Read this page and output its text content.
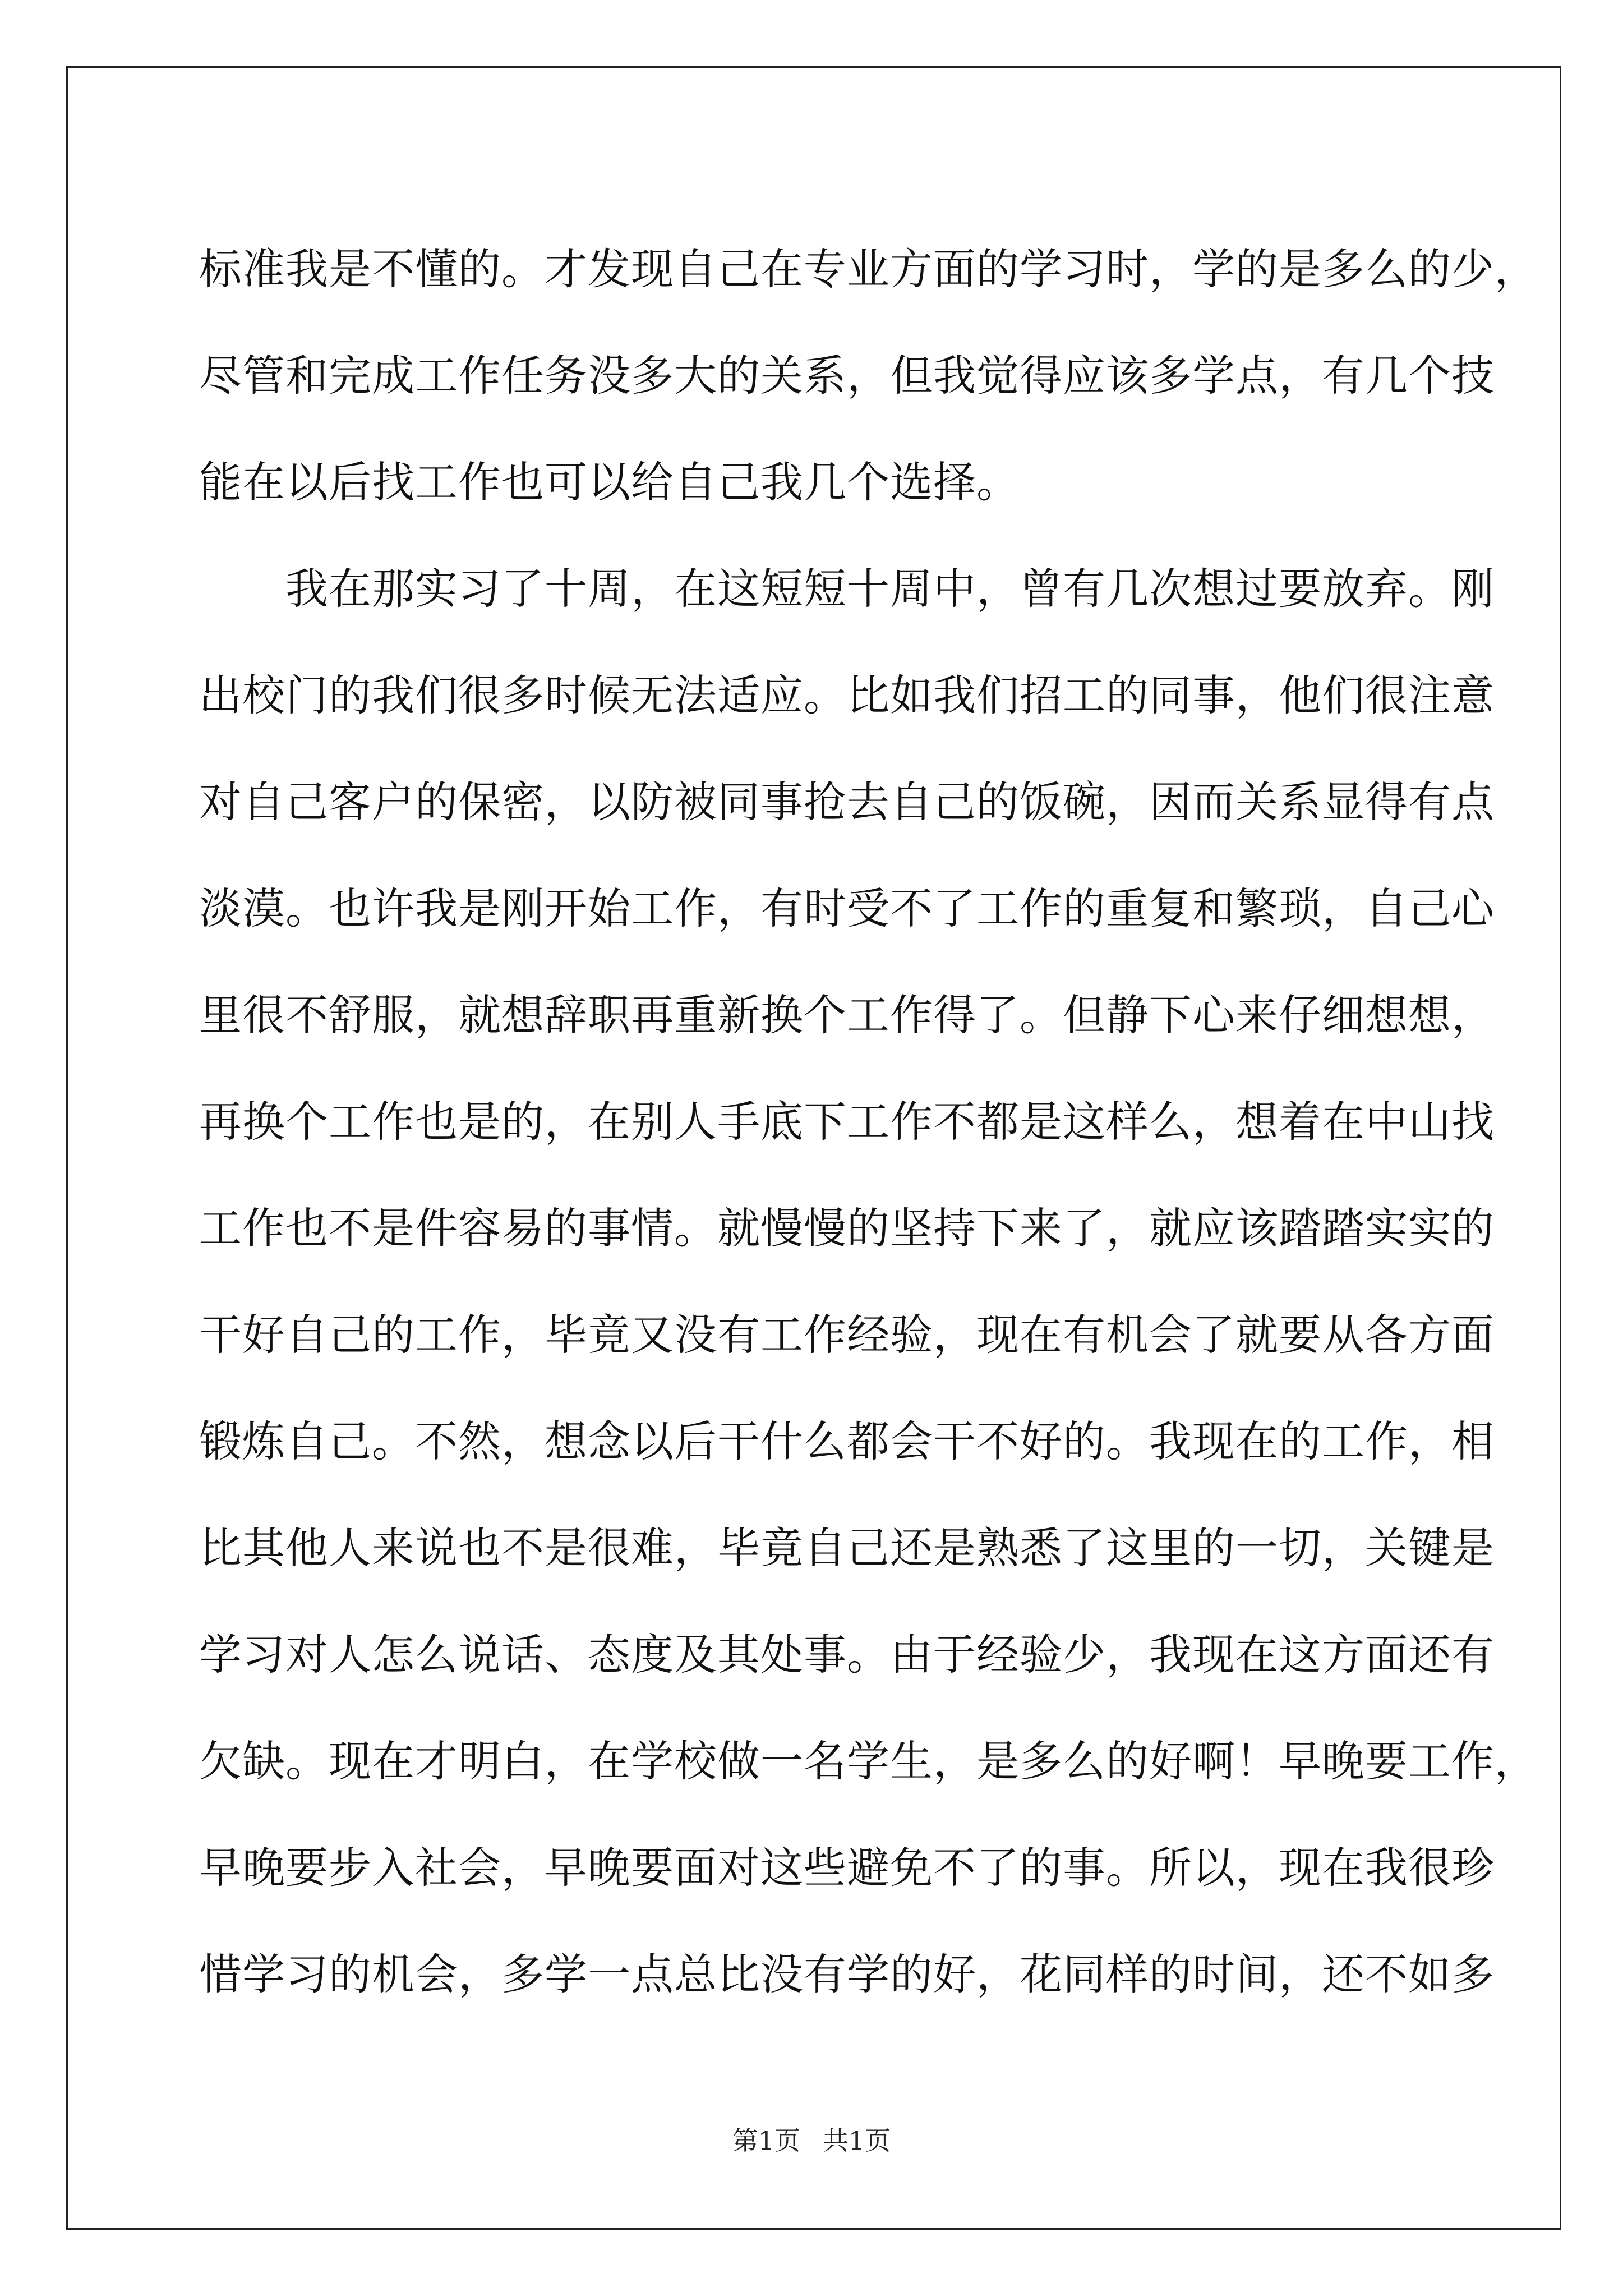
标准我是不懂的。才发现自己在专业方面的学习时，学的是多么的少，
尽管和完成工作任务没多大的关系，但我觉得应该多学点，有几个技
能在以后找工作也可以给自己我几个选择。
　　我在那实习了十周，在这短短十周中，曾有几次想过要放弃。刚
出校门的我们很多时候无法适应。比如我们招工的同事，他们很注意
对自己客户的保密，以防被同事抢去自己的饭碗，因而关系显得有点
淡漠。也许我是刚开始工作，有时受不了工作的重复和繁琐，自己心
里很不舒服，就想辞职再重新换个工作得了。但静下心来仔细想想，
再换个工作也是的，在别人手底下工作不都是这样么，想着在中山找
工作也不是件容易的事情。就慢慢的坚持下来了，就应该踏踏实实的
干好自己的工作，毕竟又没有工作经验，现在有机会了就要从各方面
锻炼自己。不然，想念以后干什么都会干不好的。我现在的工作，相
比其他人来说也不是很难，毕竟自己还是熟悉了这里的一切，关键是
学习对人怎么说话、态度及其处事。由于经验少，我现在这方面还有
欠缺。现在才明白，在学校做一名学生，是多么的好啊！早晚要工作，
早晚要步入社会，早晚要面对这些避免不了的事。所以，现在我很珍
惜学习的机会，多学一点总比没有学的好，花同样的时间，还不如多
第1页 共1页
